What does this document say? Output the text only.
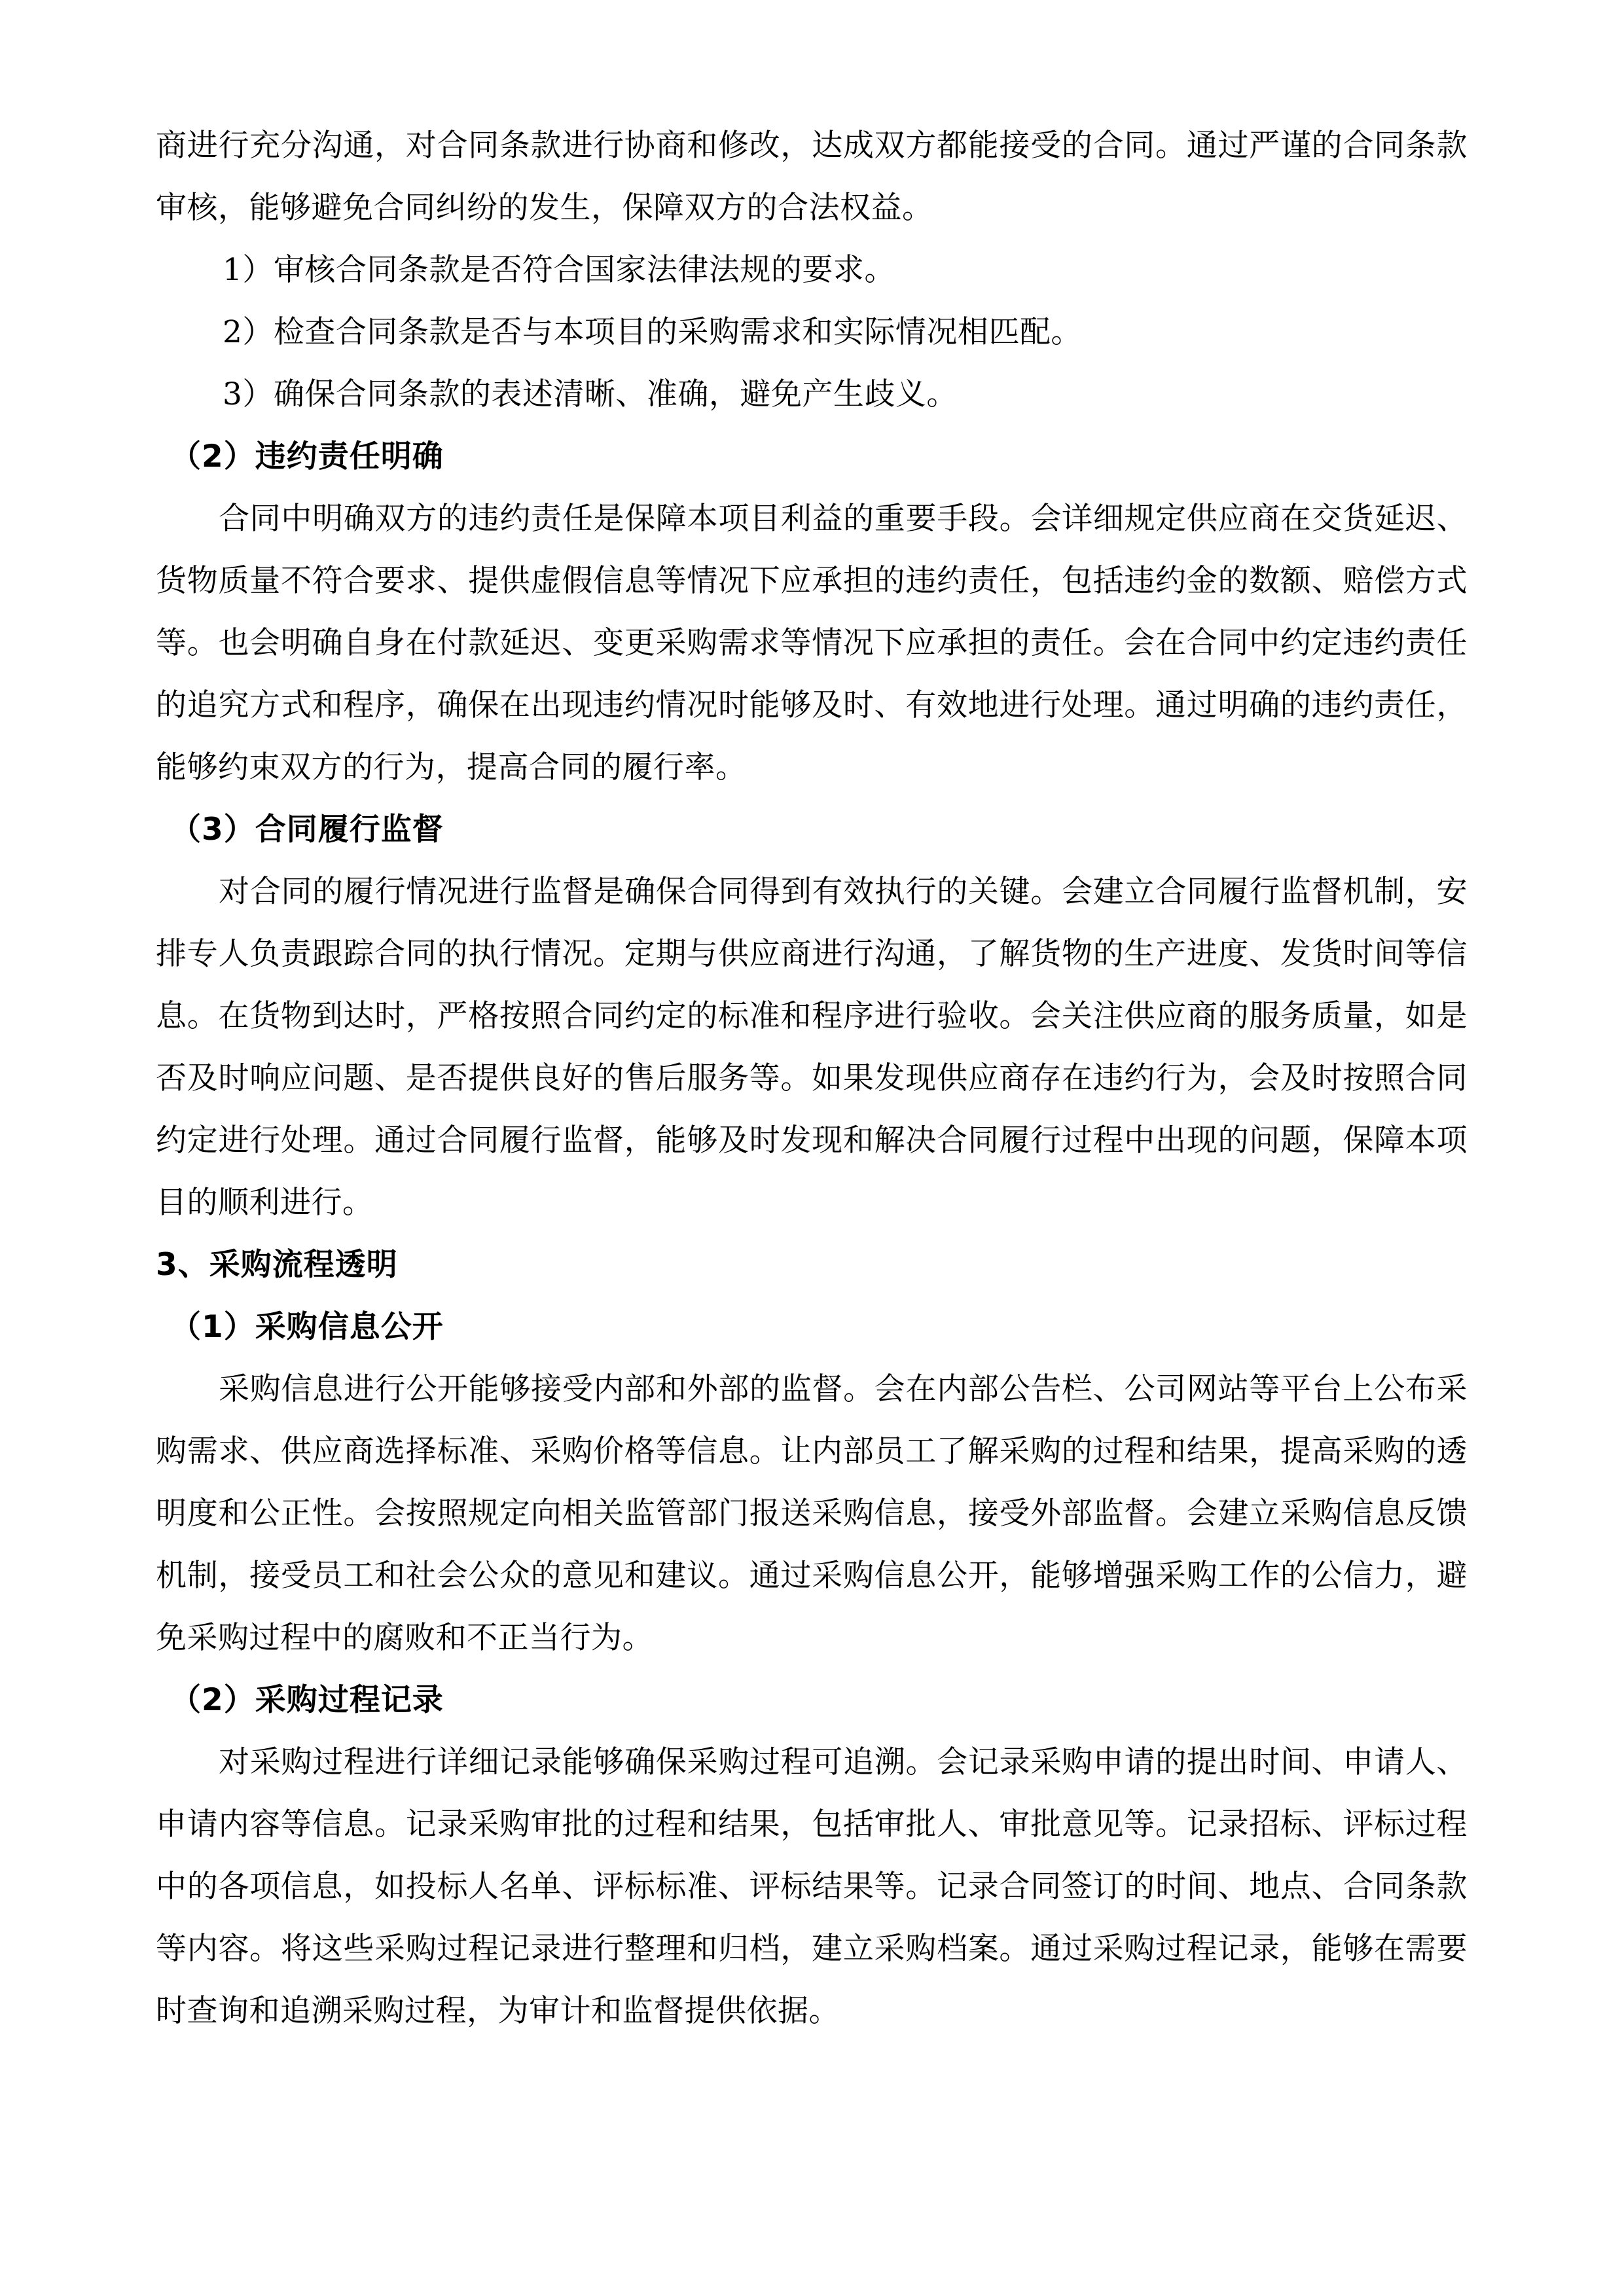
商进行充分沟通，对合同条款进行协商和修改，达成双方都能接受的合同。通过严谨的合同条款审核，能够避免合同纠纷的发生，保障双方的合法权益。

1）审核合同条款是否符合国家法律法规的要求。

2）检查合同条款是否与本项目的采购需求和实际情况相匹配。

3）确保合同条款的表述清晰、准确，避免产生歧义。

（2）违约责任明确

合同中明确双方的违约责任是保障本项目利益的重要手段。会详细规定供应商在交货延迟、货物质量不符合要求、提供虚假信息等情况下应承担的违约责任，包括违约金的数额、赔偿方式等。也会明确自身在付款延迟、变更采购需求等情况下应承担的责任。会在合同中约定违约责任的追究方式和程序，确保在出现违约情况时能够及时、有效地进行处理。通过明确的违约责任，能够约束双方的行为，提高合同的履行率。

（3）合同履行监督

对合同的履行情况进行监督是确保合同得到有效执行的关键。会建立合同履行监督机制，安排专人负责跟踪合同的执行情况。定期与供应商进行沟通，了解货物的生产进度、发货时间等信息。在货物到达时，严格按照合同约定的标准和程序进行验收。会关注供应商的服务质量，如是否及时响应问题、是否提供良好的售后服务等。如果发现供应商存在违约行为，会及时按照合同约定进行处理。通过合同履行监督，能够及时发现和解决合同履行过程中出现的问题，保障本项目的顺利进行。

3、采购流程透明

（1）采购信息公开

采购信息进行公开能够接受内部和外部的监督。会在内部公告栏、公司网站等平台上公布采购需求、供应商选择标准、采购价格等信息。让内部员工了解采购的过程和结果，提高采购的透明度和公正性。会按照规定向相关监管部门报送采购信息，接受外部监督。会建立采购信息反馈机制，接受员工和社会公众的意见和建议。通过采购信息公开，能够增强采购工作的公信力，避免采购过程中的腐败和不正当行为。

（2）采购过程记录

对采购过程进行详细记录能够确保采购过程可追溯。会记录采购申请的提出时间、申请人、申请内容等信息。记录采购审批的过程和结果，包括审批人、审批意见等。记录招标、评标过程中的各项信息，如投标人名单、评标标准、评标结果等。记录合同签订的时间、地点、合同条款等内容。将这些采购过程记录进行整理和归档，建立采购档案。通过采购过程记录，能够在需要时查询和追溯采购过程，为审计和监督提供依据。
